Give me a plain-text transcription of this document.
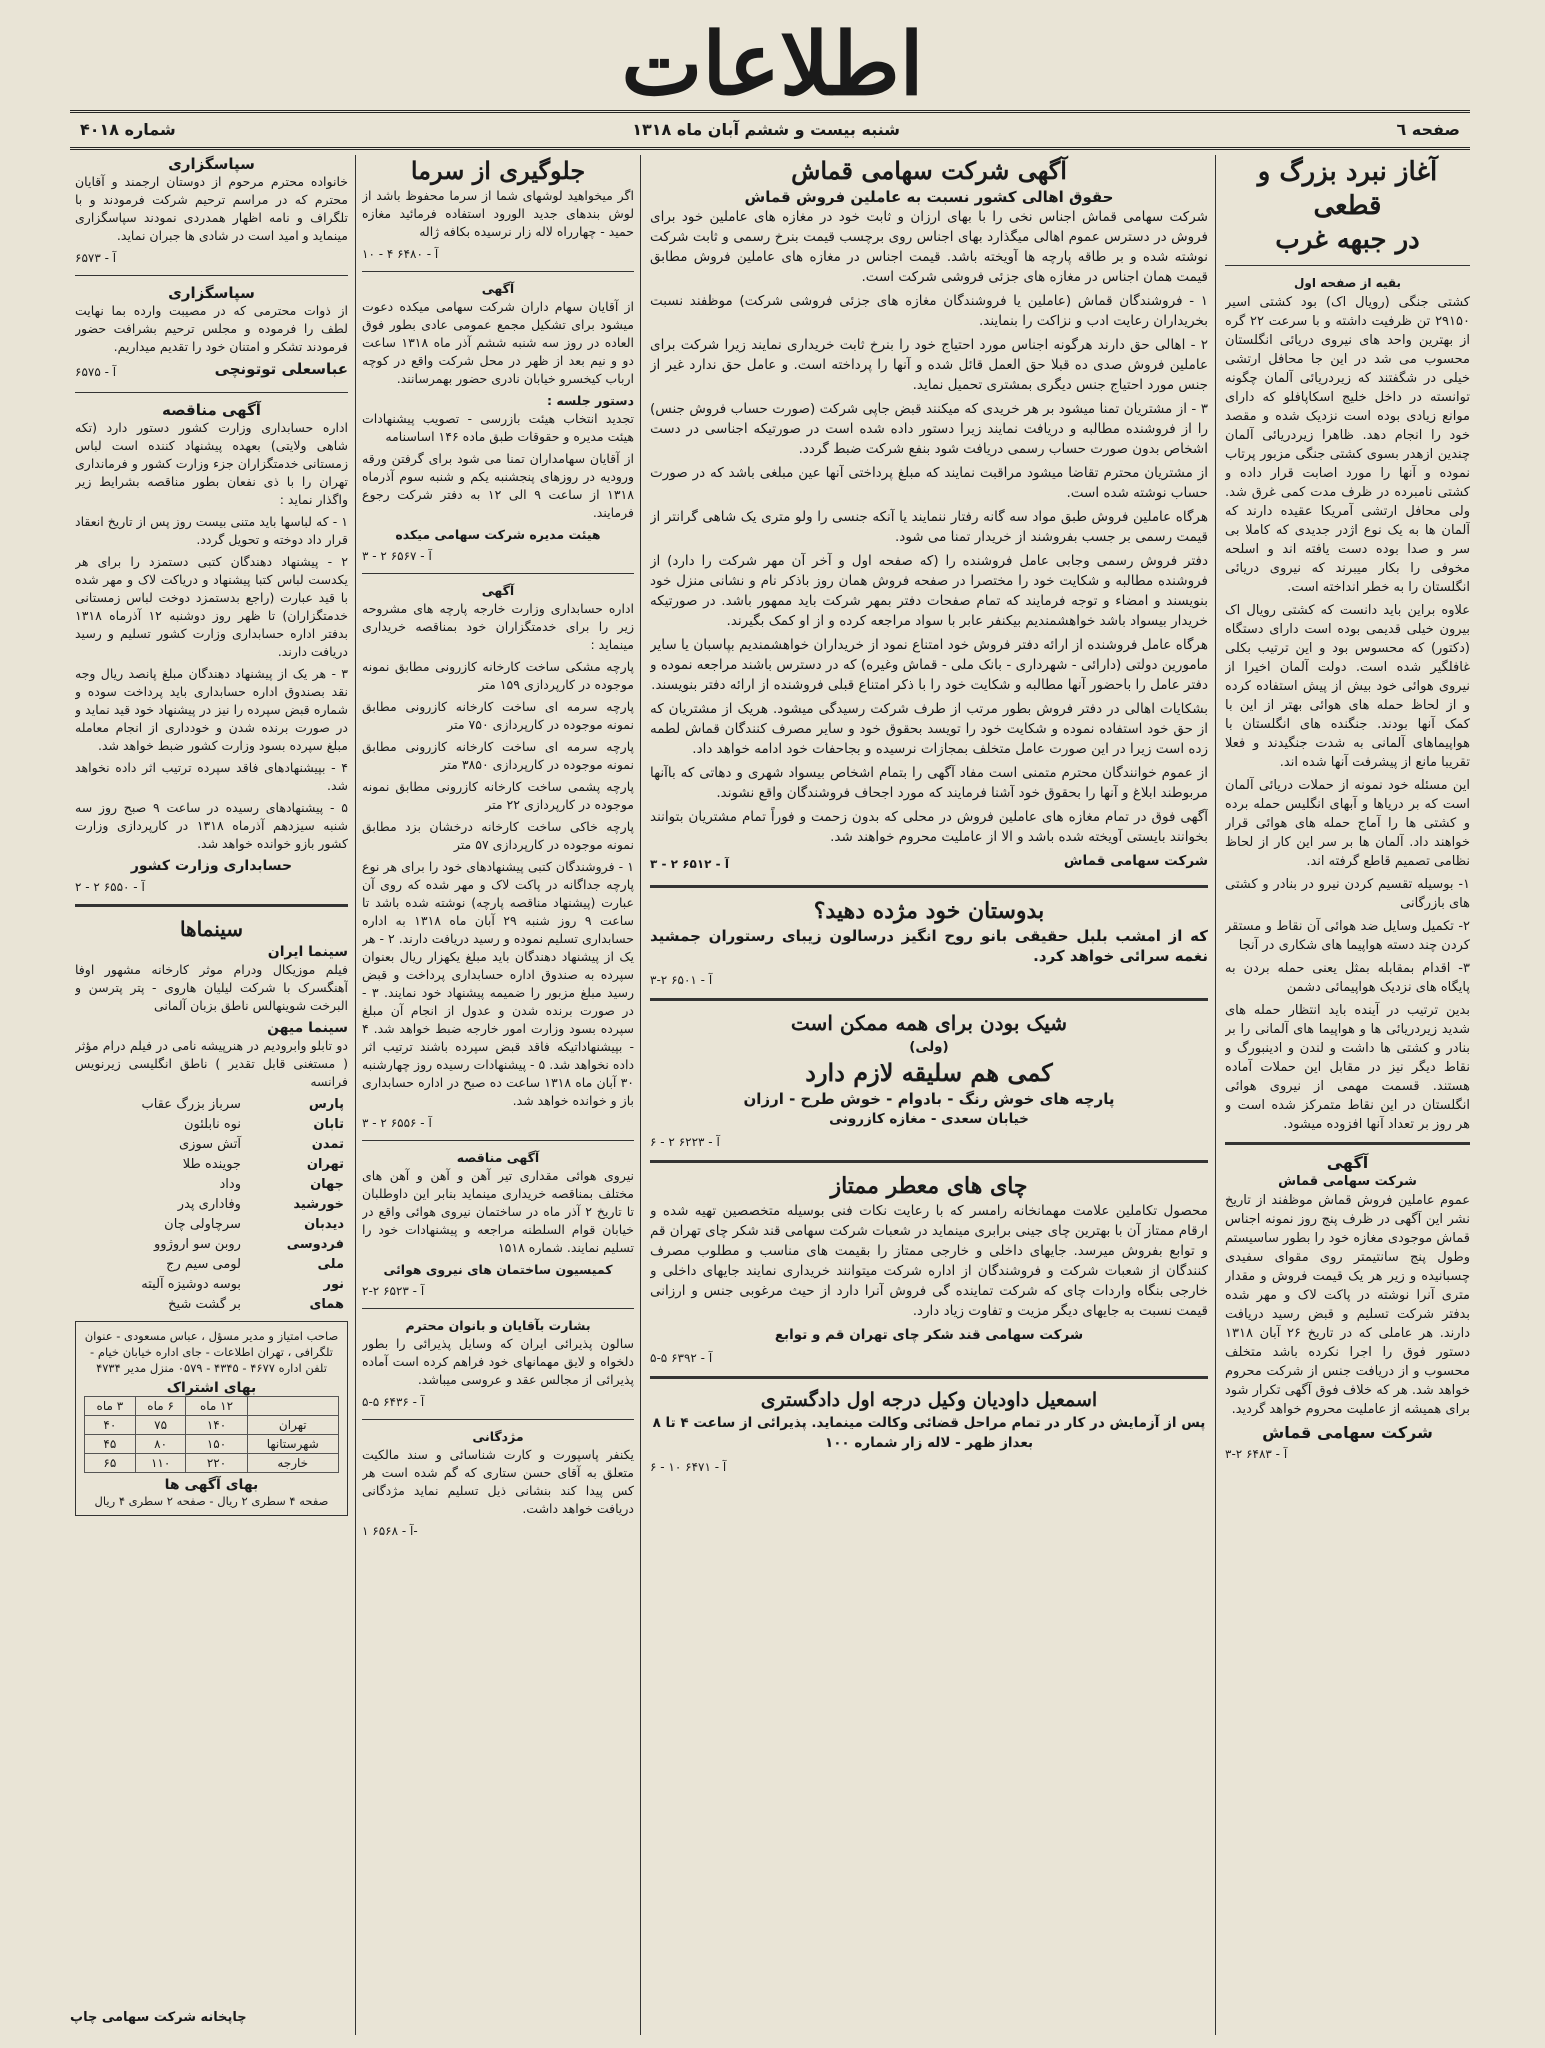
اطلاعات
صفحه ٦
شنبه بیست و ششم آبان ماه ۱۳۱۸
شماره ۴۰۱۸
آغاز نبرد بزرگ و قطعی
در جبهه غرب
بقیه از صفحه اول

کشتی جنگی (رویال اک) بود کشتی اسیر ۲۹۱۵۰ تن ظرفیت داشته و با سرعت ۲۲ گره از بهترین واحد های نیروی دریائی انگلستان محسوب می شد در این جا محافل ارتشی خیلی در شگفتند که زیردریائی آلمان چگونه توانسته در داخل خلیج اسکاپافلو که دارای موانع زیادی بوده است نزدیک شده و مقصد خود را انجام دهد. ظاهرا زیردریائی آلمان چندین ازهدر بسوی کشتی جنگی مزبور پرتاب نموده و آنها را مورد اصابت قرار داده و کشتی نامبرده در ظرف مدت کمی غرق شد. ولی محافل ارتشی آمریکا عقیده دارند که آلمان ها به یک نوع اژدر جدیدی که کاملا بی سر و صدا بوده دست یافته اند و اسلحه مخوفی را بکار میبرند که نیروی دریائی انگلستان را به خطر انداخته است.

علاوه براین باید دانست که کشتی رویال اک بیرون خیلی قدیمی بوده است دارای دستگاه (دکتور) که محسوس بود و این ترتیب بکلی غافلگیر شده است. دولت آلمان اخیرا از نیروی هوائی خود بیش از پیش استفاده کرده و از لحاظ حمله های هوائی بهتر از این با کمک آنها بودند. جنگنده های انگلستان با هواپیماهای آلمانی به شدت جنگیدند و فعلا تقریبا مانع از پیشرفت آنها شده اند.

این مسئله خود نمونه از حملات دریائی آلمان است که بر دریاها و آبهای انگلیس حمله برده و کشتی ها را آماج حمله های هوائی قرار خواهند داد. آلمان ها بر سر این کار از لحاظ نظامی تصمیم قاطع گرفته اند.

۱- بوسیله تقسیم کردن نیرو در بنادر و کشتی های بازرگانی

۲- تکمیل وسایل ضد هوائی آن نقاط و مستقر کردن چند دسته هواپیما های شکاری در آنجا

۳- اقدام بمقابله بمثل یعنی حمله بردن به پایگاه های نزدیک هواپیمائی دشمن

بدین ترتیب در آینده باید انتظار حمله های شدید زیردریائی ها و هواپیما های آلمانی را بر بنادر و کشتی ها داشت و لندن و ادینبورگ و نقاط دیگر نیز در مقابل این حملات آماده هستند. قسمت مهمی از نیروی هوائی انگلستان در این نقاط متمرکز شده است و هر روز بر تعداد آنها افزوده میشود.

آگهی
شرکت سهامی قماش

عموم عاملین فروش قماش موظفند از تاریخ نشر این آگهی در ظرف پنج روز نمونه اجناس قماش موجودی مغازه خود را بطور ساسیستم وطول پنج سانتیمتر روی مقوای سفیدی چسبانیده و زیر هر یک قیمت فروش و مقدار متری آنرا نوشته در پاکت لاک و مهر شده بدفتر شرکت تسلیم و قبض رسید دریافت دارند. هر عاملی که در تاریخ ۲۶ آبان ۱۳۱۸ دستور فوق را اجرا نکرده باشد متخلف محسوب و از دریافت جنس از شرکت محروم خواهد شد. هر که خلاف فوق آگهی تکرار شود برای همیشه از عاملیت محروم خواهد گردید.

شرکت سهامی قماش
آ - ۶۴۸۳ ۲-۳
آگهی شرکت سهامی قماش
حقوق اهالی کشور نسبت به عاملین فروش قماش

شرکت سهامی قماش اجناس نخی را با بهای ارزان و ثابت خود در مغازه های عاملین خود برای فروش در دسترس عموم اهالی میگذارد بهای اجناس روی برچسب قیمت بنرخ رسمی و ثابت شرکت نوشته شده و بر طاقه پارچه ها آویخته باشد. قیمت اجناس در مغازه های عاملین فروش مطابق قیمت همان اجناس در مغازه های جزئی فروشی شرکت است.

۱ - فروشندگان قماش (عاملین یا فروشندگان مغازه های جزئی فروشی شرکت) موظفند نسبت بخریداران رعایت ادب و نزاکت را بنمایند.

۲ - اهالی حق دارند هرگونه اجناس مورد احتیاج خود را بنرخ ثابت خریداری نمایند زیرا شرکت برای عاملین فروش صدی ده قبلا حق العمل قائل شده و آنها را پرداخته است. و عامل حق ندارد غیر از جنس مورد احتیاج جنس دیگری بمشتری تحمیل نماید.

۳ - از مشتریان تمنا میشود بر هر خریدی که میکنند قبض جاپی شرکت (صورت حساب فروش جنس) را از فروشنده مطالبه و دریافت نمایند زیرا دستور داده شده است در صورتیکه اجناسی در دست اشخاص بدون صورت حساب رسمی دریافت شود بنفع شرکت ضبط گردد.

از مشتریان محترم تقاضا میشود مراقبت نمایند که مبلغ پرداختی آنها عین مبلغی باشد که در صورت حساب نوشته شده است.

هرگاه عاملین فروش طبق مواد سه گانه رفتار ننمایند یا آنکه جنسی را ولو متری یک شاهی گرانتر از قیمت رسمی بر جسب بفروشند از خریدار تمنا می شود.

دفتر فروش رسمی وجابی عامل فروشنده را (که صفحه اول و آخر آن مهر شرکت را دارد) از فروشنده مطالبه و شکایت خود را مختصرا در صفحه فروش همان روز باذکر نام و نشانی منزل خود بنویسند و امضاء و توجه فرمایند که تمام صفحات دفتر بمهر شرکت باید ممهور باشد. در صورتیکه خریدار بیسواد باشد خواهشمندیم بیکنفر عابر با سواد مراجعه کرده و از او کمک بگیرند.

هرگاه عامل فروشنده از ارائه دفتر فروش خود امتناع نمود از خریداران خواهشمندیم بپاسبان یا سایر مامورین دولتی (دارائی - شهرداری - بانک ملی - قماش وغیره) که در دسترس باشند مراجعه نموده و دفتر عامل را باحضور آنها مطالبه و شکایت خود را با ذکر امتناع قبلی فروشنده از ارائه دفتر بنویسند.

بشکایات اهالی در دفتر فروش بطور مرتب از طرف شرکت رسیدگی میشود. هریک از مشتریان که از حق خود استفاده نموده و شکایت خود را تویسد بحقوق خود و سایر مصرف کنندگان قماش لطمه زده است زیرا در این صورت عامل متخلف بمجازات نرسیده و بجاحفات خود ادامه خواهد داد.

از عموم خوانندگان محترم متمنی است مفاد آگهی را بتمام اشخاص بیسواد شهری و دهاتی که باآنها مربوطند ابلاغ و آنها را بحقوق خود آشنا فرمایند که مورد اجحاف فروشندگان واقع نشوند.

آگهی فوق در تمام مغازه های عاملین فروش در محلی که بدون زحمت و فوراً تمام مشتریان بتوانند بخوانند بایستی آویخته شده باشد و الا از عاملیت محروم خواهند شد.

شرکت سهامی قماش
آ - ۶۵۱۲ ۲ - ۳
بدوستان خود مژده دهید؟

که از امشب بلبل حقیقی بانو روح انگیز درسالون زیبای رستوران جمشید نغمه سرائی خواهد کرد.

آ - ۶۵۰۱ ۲-۳
شیک بودن برای همه ممکن است
(ولی)
کمی هم سلیقه لازم دارد
پارچه های خوش رنگ - بادوام - خوش طرح - ارزان
خیابان سعدی - مغازه کازرونی
آ - ۶۲۲۳ ۲ - ۶
چای های معطر ممتاز

محصول تکاملین علامت مهمانخانه رامسر که با رعایت نکات فنی بوسیله متخصصین تهیه شده و ارقام ممتاز آن با بهترین چای جینی برابری مینماید در شعبات شرکت سهامی قند شکر چای تهران قم و توابع بفروش میرسد. جایهای داخلی و خارجی ممتاز را بقیمت های مناسب و مطلوب مصرف کنندگان از شعبات شرکت و فروشندگان از اداره شرکت میتوانند خریداری نمایند جایهای داخلی و خارجی بنگاه واردات چای که شرکت تماینده گی فروش آنرا دارد از حیث مرغوبی جنس و ارزانی قیمت نسبت به جایهای دیگر مزیت و تفاوت زیاد دارد.

شرکت سهامی قند شکر چای تهران قم و توابع
آ - ۶۳۹۲ ۵-۵
اسمعیل داودیان وکیل درجه اول دادگستری

پس از آزمایش در کار در تمام مراحل قضائی وکالت مینماید. پذیرائی از ساعت ۴ تا ۸ بعداز ظهر - لاله زار شماره ۱۰۰

آ - ۶۴۷۱ ۱۰ - ۶
جلوگیری از سرما

اگر میخواهید لوشهای شما از سرما محفوظ باشد از لوش بندهای جدید الورود استفاده فرمائید مغازه حمید - چهارراه لاله زار نرسیده بکافه ژاله

آ - ۶۴۸۰ ۴ - ۱۰
آگهی

از آقایان سهام داران شرکت سهامی میکده دعوت میشود برای تشکیل مجمع عمومی عادی بطور فوق العاده در روز سه شنبه ششم آذر ماه ۱۳۱۸ ساعت دو و نیم بعد از ظهر در محل شرکت واقع در کوچه ارباب کیخسرو خیابان نادری حضور بهمرسانند.

دستور جلسه :

تجدید انتخاب هیئت بازرسی - تصویب پیشنهادات هیئت مدیره و حقوقات طبق ماده ۱۴۶ اساسنامه

از آقایان سهامداران تمنا می شود برای گرفتن ورقه ورودیه در روزهای پنجشنبه یکم و شنبه سوم آذرماه ۱۳۱۸ از ساعت ۹ الی ۱۲ به دفتر شرکت رجوع فرمایند.

هیئت مدیره شرکت سهامی میکده
آ - ۶۵۶۷ ۲ - ۳
آگهی

اداره حسابداری وزارت خارجه پارچه های مشروحه زیر را برای خدمتگزاران خود بمناقصه خریداری مینماید :

پارچه مشکی ساخت کارخانه کازرونی مطابق نمونه موجوده در کارپردازی ۱۵۹ متر

پارچه سرمه ای ساخت کارخانه کازرونی مطابق نمونه موجوده در کارپردازی ۷۵۰ متر

پارچه سرمه ای ساخت کارخانه کازرونی مطابق نمونه موجوده در کارپردازی ۳۸۵۰ متر

پارچه پشمی ساخت کارخانه کازرونی مطابق نمونه موجوده در کارپردازی ۲۲ متر

پارچه خاکی ساخت کارخانه درخشان بزد مطابق نمونه موجوده در کارپردازی ۵۷ متر

۱ - فروشندگان کتبی پیشنهادهای خود را برای هر نوع پارچه جداگانه در پاکت لاک و مهر شده که روی آن عبارت (پیشنهاد مناقصه پارچه) نوشته شده باشد تا ساعت ۹ روز شنبه ۲۹ آبان ماه ۱۳۱۸ به اداره حسابداری تسلیم نموده و رسید دریافت دارند. ۲ - هر یک از پیشنهاد دهندگان باید مبلغ یکهزار ریال بعنوان سپرده به صندوق اداره حسابداری پرداخت و قبض رسید مبلغ مزبور را ضمیمه پیشنهاد خود نمایند. ۳ - در صورت برنده شدن و عدول از انجام آن مبلغ سپرده بسود وزارت امور خارجه ضبط خواهد شد. ۴ - بپیشنهاداتیکه فاقد قبض سپرده باشند ترتیب اثر داده نخواهد شد. ۵ - پیشنهادات رسیده روز چهارشنبه ۳۰ آبان ماه ۱۳۱۸ ساعت ده صبح در اداره حسابداری باز و خوانده خواهد شد.

آ - ۶۵۵۶ ۲ - ۳
آگهی مناقصه

نیروی هوائی مقداری تیر آهن و آهن و آهن های مختلف بمناقصه خریداری مینماید بنابر این داوطلبان تا تاریخ ۲ آذر ماه در ساختمان نیروی هوائی واقع در خیابان قوام السلطنه مراجعه و پیشنهادات خود را تسلیم نمایند. شماره ۱۵۱۸

کمیسیون ساختمان های نیروی هوائی
آ - ۶۵۲۳ ۲-۲
بشارت بآقایان و بانوان محترم

سالون پذیرائی ایران که وسایل پذیرائی را بطور دلخواه و لایق مهمانهای خود فراهم کرده است آماده پذیرائی از مجالس عقد و عروسی میباشد.

آ - ۶۴۳۶ ۵-۵
مژدگانی

یکنفر پاسپورت و کارت شناسائی و سند مالکیت متعلق به آقای حسن ستاری که گم شده است هر کس پیدا کند بنشانی ذیل تسلیم نماید مژدگانی دریافت خواهد داشت.

آ - ۶۵۶۸ ۱-
سپاسگزاری

خانواده محترم مرحوم از دوستان ارجمند و آقایان محترم که در مراسم ترحیم شرکت فرمودند و با تلگراف و نامه اظهار همدردی نمودند سپاسگزاری مینماید و امید است در شادی ها جبران نماید.

آ - ۶۵۷۳
سپاسگزاری

از ذوات محترمی که در مصیبت وارده بما نهایت لطف را فرموده و مجلس ترحیم بشرافت حضور فرمودند تشکر و امتنان خود را تقدیم میداریم.

عباسعلی توتونچی
آ - ۶۵۷۵
آگهی مناقصه

اداره حسابداری وزارت کشور دستور دارد (تکه شاهی ولایتی) بعهده پیشنهاد کننده است لباس زمستانی خدمتگزاران جزء وزارت کشور و فرمانداری تهران را با ذی نفعان بطور مناقصه بشرایط زیر واگذار نماید :

۱ - که لباسها باید متنی بیست روز پس از تاریخ انعقاد قرار داد دوخته و تحویل گردد.

۲ - پیشنهاد دهندگان کتبی دستمزد را برای هر یکدست لباس کتبا پیشنهاد و دریاکت لاک و مهر شده با قید عبارت (راجع بدستمزد دوخت لباس زمستانی خدمتگزاران) تا ظهر روز دوشنبه ۱۲ آذرماه ۱۳۱۸ بدفتر اداره حسابداری وزارت کشور تسلیم و رسید دریافت دارند.

۳ - هر یک از پیشنهاد دهندگان مبلغ پانصد ریال وجه نقد بصندوق اداره حسابداری باید پرداخت سوده و شماره قبض سپرده را نیز در پیشنهاد خود قید نماید و در صورت برنده شدن و خودداری از انجام معامله مبلغ سپرده بسود وزارت کشور ضبط خواهد شد.

۴ - بپیشنهادهای فاقد سپرده ترتیب اثر داده نخواهد شد.

۵ - پیشنهادهای رسیده در ساعت ۹ صبح روز سه شنبه سیزدهم آذرماه ۱۳۱۸ در کارپردازی وزارت کشور بازو خوانده خواهد شد.

حسابداری وزارت کشور
آ - ۶۵۵۰ ۲ - ۲
سینماها
سینما ایران

فیلم موزیکال ودرام موثر کارخانه مشهور اوفا آهنگسرک با شرکت لیلیان هاروی - پتر پترسن و البرخت شوینهالس ناطق بزبان آلمانی

سینما میهن

دو تابلو وابرودیم در هنرپیشه نامی در فیلم درام مؤثر ( مستغنی قابل تقدیر ) ناطق انگلیسی زیرنویس فرانسه

پارس	سرباز بزرگ عقاب
تابان	نوه نابلئون
تمدن	آتش سوزی
تهران	جوینده طلا
جهان	وداد
خورشید	وفاداری پدر
دیدبان	سرچاولی چان
فردوسی	روبن سو اروژوو
ملی	لومی سیم رج
نور	بوسه دوشیزه آلیته
همای	بر گشت شیخ

صاحب امتیاز و مدیر مسؤل ، عباس مسعودی - عنوان تلگرافی ، تهران اطلاعات - جای اداره خیابان خیام - تلفن اداره ۴۶۷۷ - ۴۳۴۵ - ۰۵۷۹ منزل مدیر ۴۷۳۴

بهای اشتراک
	۱۲ ماه	۶ ماه	۳ ماه
تهران	۱۴۰	۷۵	۴۰
شهرستانها	۱۵۰	۸۰	۴۵
خارجه	۲۲۰	۱۱۰	۶۵
بهای آگهی ها
صفحه ۴ سطری ۲ ریال - صفحه ۲ سطری ۴ ریال
چاپخانه شرکت سهامی چاپ
